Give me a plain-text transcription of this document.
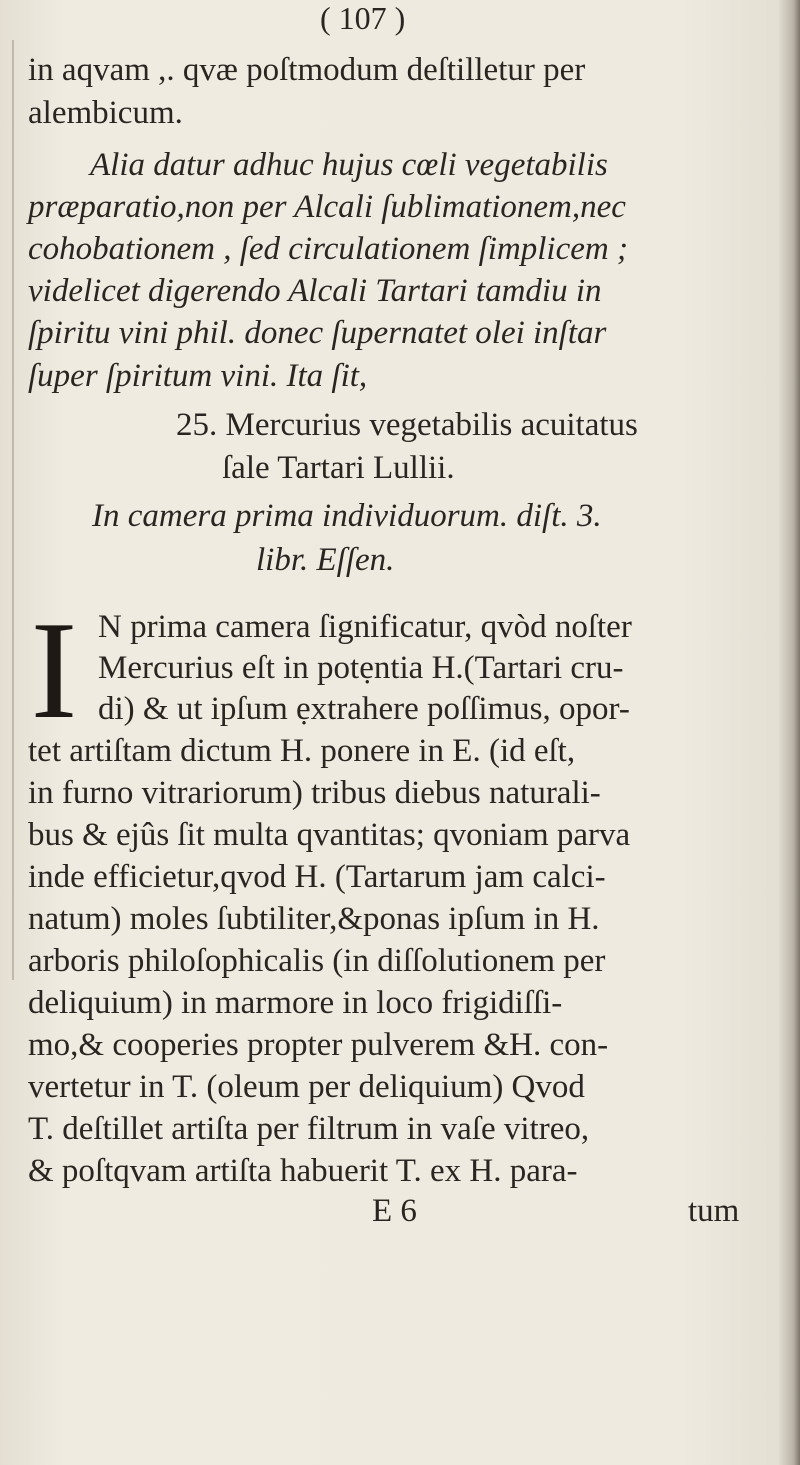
( 107 )
in aqvam ,. qvæ poſtmodum deſtilletur per
alembicum.
Alia datur adhuc hujus cœli vegetabilis
præparatio,non per Alcali ſublimationem,nec
cohobationem , ſed circulationem ſimplicem ;
videlicet digerendo Alcali Tartari tamdiu in
ſpiritu vini phil. donec ſupernatet olei inſtar
ſuper ſpiritum vini. Ita ſit,
25. Mercurius vegetabilis acuitatus
ſale Tartari Lullii.
In camera prima individuorum. diſt. 3.
libr. Eſſen.
I N prima camera ſignificatur, qvòd noſter
Mercurius eſt in potẹntia H.(Tartari cru-
di) & ut ipſum ẹxtrahere poſſimus, opor-
tet artiſtam dictum H. ponere in E. (id eſt,
in furno vitrariorum) tribus diebus naturali-
bus & ejûs ſit multa qvantitas; qvoniam parva
inde efficietur,qvod H. (Tartarum jam calci-
natum) moles ſubtiliter,&ponas ipſum in H.
arboris philoſophicalis (in diſſolutionem per
deliquium) in marmore in loco frigidiſſi-
mo,& cooperies propter pulverem &H. con-
vertetur in T. (oleum per deliquium) Qvod
T. deſtillet artiſta per filtrum in vaſe vitreo,
& poſtqvam artiſta habuerit T. ex H. para-
E 6	tum
